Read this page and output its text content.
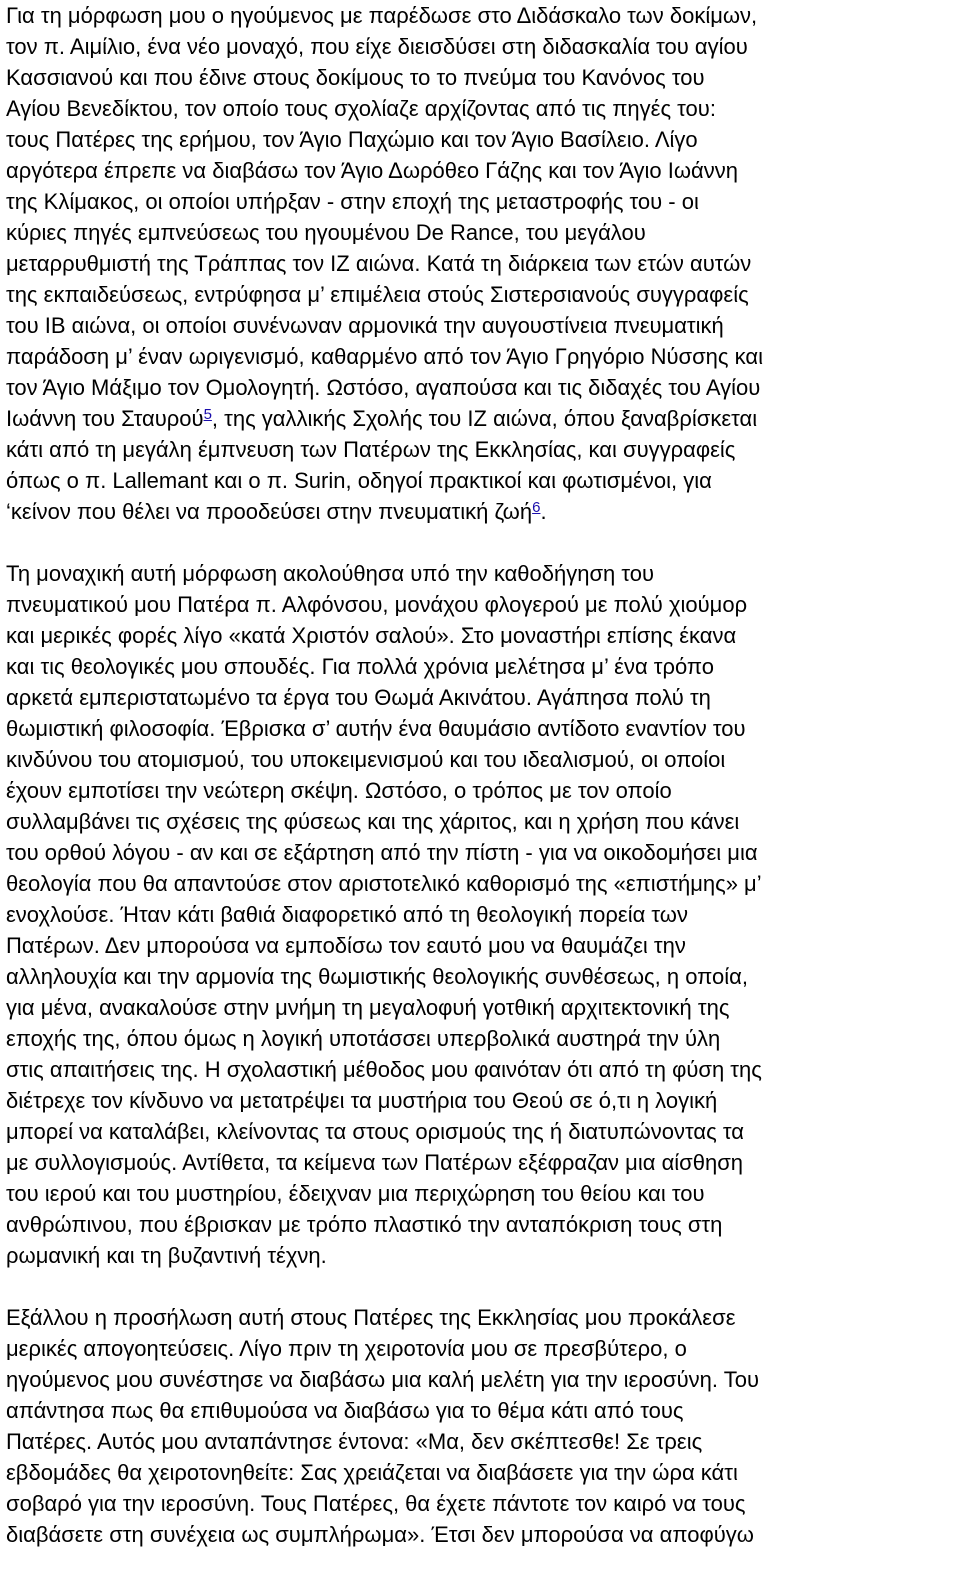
Για τη μόρφωση μου ο ηγούμενος με παρέδωσε στο Διδάσκαλο των δοκίμων,
τον π. Αιμίλιο, ένα νέο μοναχό, που είχε διεισδύσει στη διδασκαλία του αγίου
Κασσιανού και που έδινε στους δοκίμους το το πνεύμα του Κανόνος του
Αγίου Βενεδίκτου, τον οποίο τους σχολίαζε αρχίζοντας από τις πηγές του:
τους Πατέρες της ερήμου, τον Άγιο Παχώμιο και τον Άγιο Βασίλειο. Λίγο
αργότερα έπρεπε να διαβάσω τον Άγιο Δωρόθεο Γάζης και τον Άγιο Ιωάννη
της Κλίμακος, οι οποίοι υπήρξαν - στην εποχή της μεταστροφής του - οι
κύριες πηγές εμπνεύσεως του ηγουμένου De Rance, του μεγάλου
μεταρρυθμιστή της Τράππας τον ΙΖ αιώνα. Κατά τη διάρκεια των ετών αυτών
της εκπαιδεύσεως, εντρύφησα μ’ επιμέλεια στούς Σιστερσιανούς συγγραφείς
του ΙΒ αιώνα, οι οποίοι συνένωναν αρμονικά την αυγουστίνεια πνευματική
παράδοση μ’ έναν ωριγενισμό, καθαρμένο από τον Άγιο Γρηγόριο Νύσσης και
τον Άγιο Μάξιμο τον Ομολογητή. Ωστόσο, αγαπούσα και τις διδαχές του Αγίου
Ιωάννη του Σταυρού$^5$, της γαλλικής Σχολής του ΙΖ αιώνα, όπου ξαναβρίσκεται
κάτι από τη μεγάλη έμπνευση των Πατέρων της Εκκλησίας, και συγγραφείς
όπως ο π. Lallemant και ο π. Surin, οδηγοί πρακτικοί και φωτισμένοι, για
‘κείνον που θέλει να προοδεύσει στην πνευματική ζωή$^6$.
Τη μοναχική αυτή μόρφωση ακολούθησα υπό την καθοδήγηση του
πνευματικού μου Πατέρα π. Αλφόνσου, μονάχου φλογερού με πολύ χιούμορ
και μερικές φορές λίγο «κατά Χριστόν σαλού». Στο μοναστήρι επίσης έκανα
και τις θεολογικές μου σπουδές. Για πολλά χρόνια μελέτησα μ’ ένα τρόπο
αρκετά εμπεριστατωμένο τα έργα του Θωμά Ακινάτου. Αγάπησα πολύ τη
θωμιστική φιλοσοφία. Έβρισκα σ’ αυτήν ένα θαυμάσιο αντίδοτο εναντίον του
κινδύνου του ατομισμού, του υποκειμενισμού και του ιδεαλισμού, οι οποίοι
έχουν εμποτίσει την νεώτερη σκέψη. Ωστόσο, ο τρόπος με τον οποίο
συλλαμβάνει τις σχέσεις της φύσεως και της χάριτος, και η χρήση που κάνει
του ορθού λόγου - αν και σε εξάρτηση από την πίστη - για να οικοδομήσει μια
θεολογία που θα απαντούσε στον αριστοτελικό καθορισμό της «επιστήμης» μ’
ενοχλούσε. Ήταν κάτι βαθιά διαφορετικό από τη θεολογική πορεία των
Πατέρων. Δεν μπορούσα να εμποδίσω τον εαυτό μου να θαυμάζει την
αλληλουχία και την αρμονία της θωμιστικής θεολογικής συνθέσεως, η οποία,
για μένα, ανακαλούσε στην μνήμη τη μεγαλοφυή γοτθική αρχιτεκτονική της
εποχής της, όπου όμως η λογική υποτάσσει υπερβολικά αυστηρά την ύλη
στις απαιτήσεις της. Η σχολαστική μέθοδος μου φαινόταν ότι από τη φύση της
διέτρεχε τον κίνδυνο να μετατρέψει τα μυστήρια του Θεού σε ό,τι η λογική
μπορεί να καταλάβει, κλείνοντας τα στους ορισμούς της ή διατυπώνοντας τα
με συλλογισμούς. Αντίθετα, τα κείμενα των Πατέρων εξέφραζαν μια αίσθηση
του ιερού και του μυστηρίου, έδειχναν μια περιχώρηση του θείου και του
ανθρώπινου, που έβρισκαν με τρόπο πλαστικό την ανταπόκριση τους στη
ρωμανική και τη βυζαντινή τέχνη.
Εξάλλου η προσήλωση αυτή στους Πατέρες της Εκκλησίας μου προκάλεσε
μερικές απογοητεύσεις. Λίγο πριν τη χειροτονία μου σε πρεσβύτερο, ο
ηγούμενος μου συνέστησε να διαβάσω μια καλή μελέτη για την ιεροσύνη. Του
απάντησα πως θα επιθυμούσα να διαβάσω για το θέμα κάτι από τους
Πατέρες. Αυτός μου ανταπάντησε έντονα: «Μα, δεν σκέπτεσθε! Σε τρεις
εβδομάδες θα χειροτονηθείτε: Σας χρειάζεται να διαβάσετε για την ώρα κάτι
σοβαρό για την ιεροσύνη. Τους Πατέρες, θα έχετε πάντοτε τον καιρό να τους
διαβάσετε στη συνέχεια ως συμπλήρωμα». Έτσι δεν μπορούσα να αποφύγω
